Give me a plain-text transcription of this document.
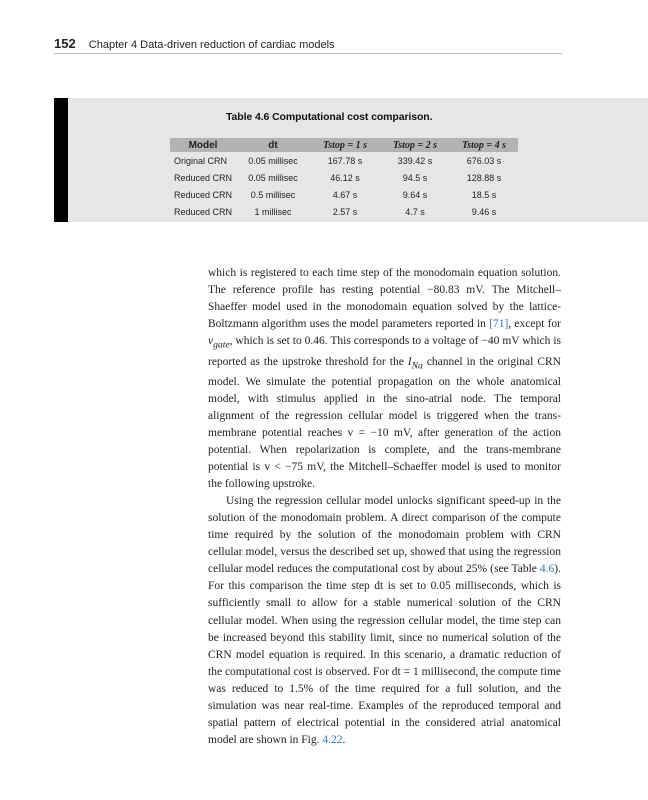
152 Chapter 4 Data-driven reduction of cardiac models
Table 4.6 Computational cost comparison.
Model	dt	Tstop = 1 s	Tstop = 2 s	Tstop = 4 s
Original CRN	0.05 millisec	167.78 s	339.42 s	676.03 s
Reduced CRN	0.05 millisec	46.12 s	94.5 s	128.88 s
Reduced CRN	0.5 millisec	4.67 s	9.64 s	18.5 s
Reduced CRN	1 millisec	2.57 s	4.7 s	9.46 s

which is registered to each time step of the monodomain equation solution. The reference profile has resting potential −80.83 mV. The Mitchell–Shaeffer model used in the monodomain equation solved by the lattice-Boltzmann algorithm uses the model parameters reported in [71], except for $v_{gate}$, which is set to 0.46. This corresponds to a voltage of −40 mV which is reported as the upstroke threshold for the $I_{Na}$ channel in the original CRN model. We simulate the potential propagation on the whole anatomical model, with stimulus applied in the sino-atrial node. The temporal alignment of the regression cellular model is triggered when the trans-membrane potential reaches v = −10 mV, after generation of the action potential. When repolarization is complete, and the trans-membrane potential is v < −75 mV, the Mitchell–Schaeffer model is used to monitor the following upstroke.

Using the regression cellular model unlocks significant speed-up in the solution of the monodomain problem. A direct comparison of the compute time required by the solution of the monodomain problem with CRN cellular model, versus the described set up, showed that using the regression cellular model reduces the computational cost by about 25% (see Table 4.6). For this comparison the time step dt is set to 0.05 milliseconds, which is sufficiently small to allow for a stable numerical solution of the CRN cellular model. When using the regression cellular model, the time step can be increased beyond this stability limit, since no numerical solution of the CRN model equation is required. In this scenario, a dramatic reduction of the computational cost is observed. For dt = 1 millisecond, the compute time was reduced to 1.5% of the time required for a full solution, and the simulation was near real-time. Examples of the reproduced temporal and spatial pattern of electrical potential in the considered atrial anatomical model are shown in Fig. 4.22.
